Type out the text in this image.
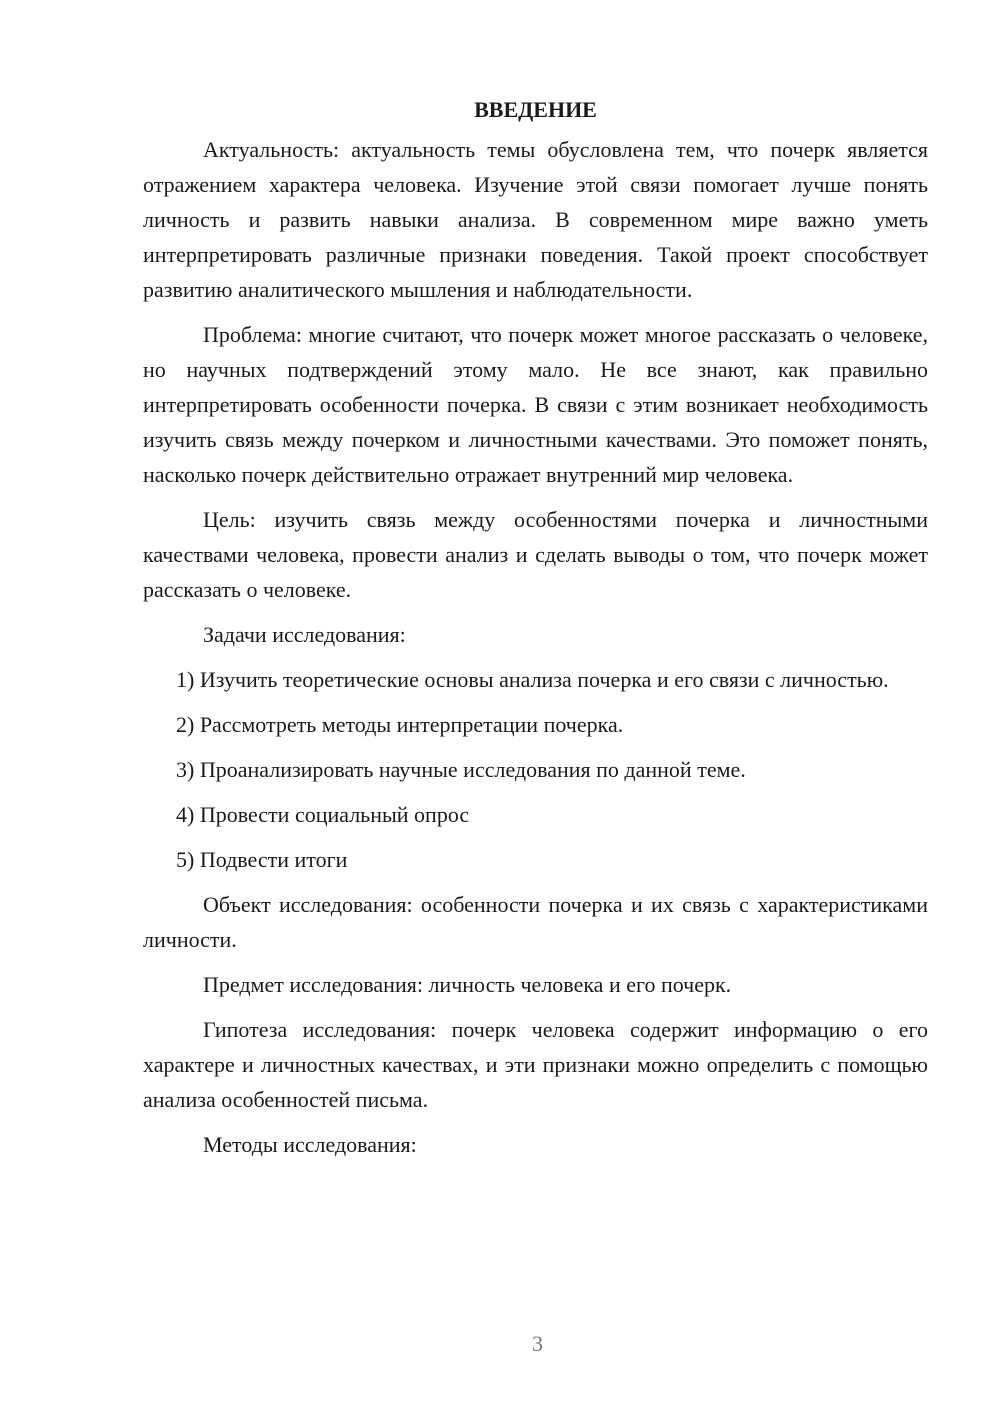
ВВЕДЕНИЕ

Актуальность: актуальность темы обусловлена тем, что почерк является отражением характера человека. Изучение этой связи помогает лучше понять личность и развить навыки анализа. В современном мире важно уметь интерпретировать различные признаки поведения. Такой проект способствует развитию аналитического мышления и наблюдательности.

Проблема: многие считают, что почерк может многое рассказать о человеке, но научных подтверждений этому мало. Не все знают, как правильно интерпретировать особенности почерка. В связи с этим возникает необходимость изучить связь между почерком и личностными качествами. Это поможет понять, насколько почерк действительно отражает внутренний мир человека.

Цель: изучить связь между особенностями почерка и личностными качествами человека, провести анализ и сделать выводы о том, что почерк может рассказать о человеке.

Задачи исследования:

1) Изучить теоретические основы анализа почерка и его связи с личностью.

2) Рассмотреть методы интерпретации почерка.

3) Проанализировать научные исследования по данной теме.

4) Провести социальный опрос

5) Подвести итоги

Объект исследования: особенности почерка и их связь с характеристиками личности.

Предмет исследования: личность человека и его почерк.

Гипотеза исследования: почерк человека содержит информацию о его характере и личностных качествах, и эти признаки можно определить с помощью анализа особенностей письма.

Методы исследования:

3
